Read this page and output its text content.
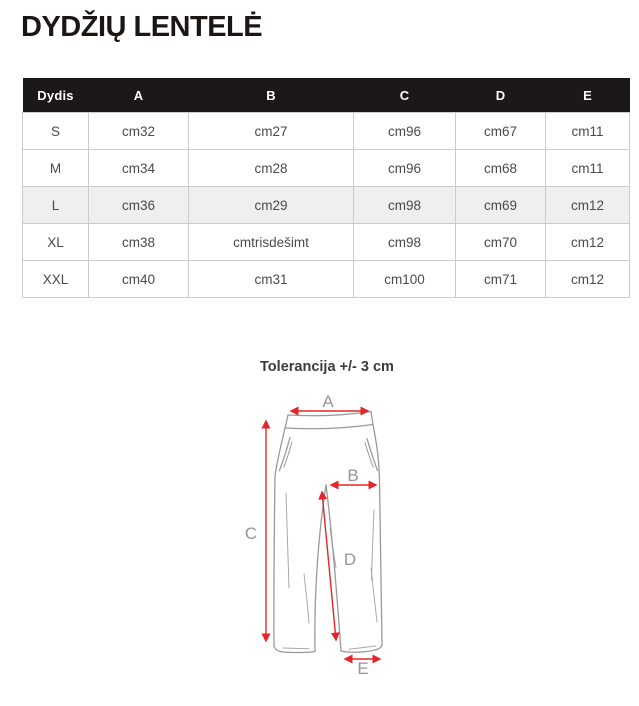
DYDŽIŲ LENTELĖ
Dydis	A	B	C	D	E
S	cm32	cm27	cm96	cm67	cm11
M	cm34	cm28	cm96	cm68	cm11
L	cm36	cm29	cm98	cm69	cm12
XL	cm38	cmtrisdešimt	cm98	cm70	cm12
XXL	cm40	cm31	cm100	cm71	cm12
Tolerancija +/- 3 cm
A
B
C
D
E
